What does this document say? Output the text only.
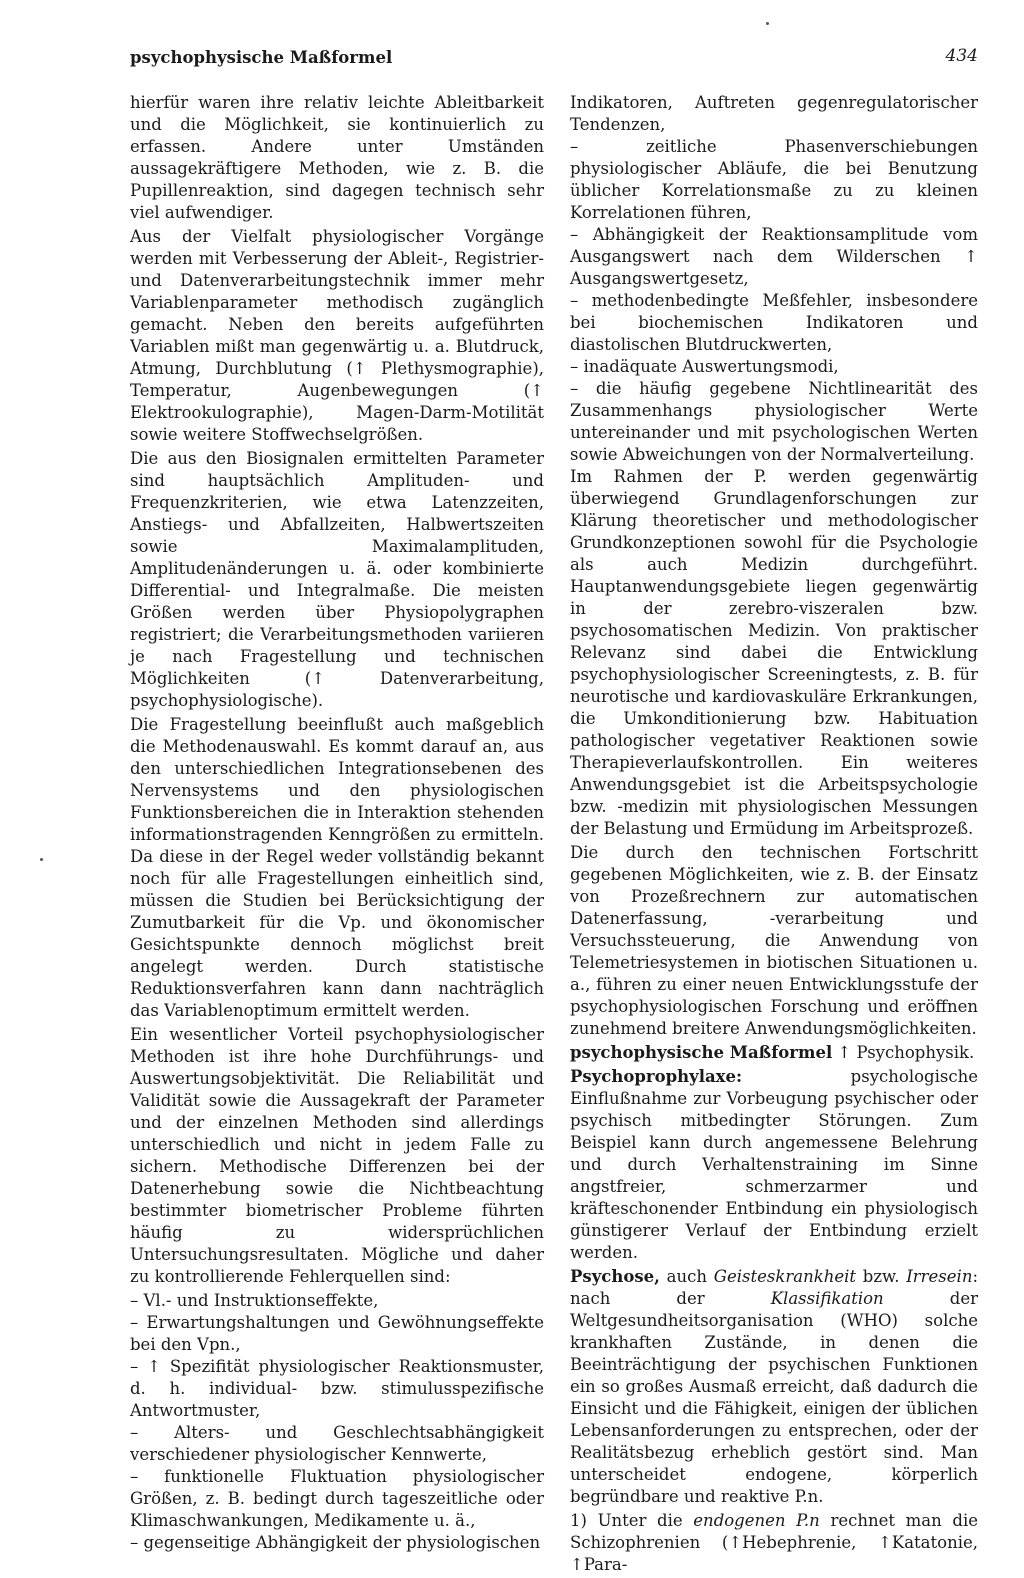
psychophysische Maßformel	434

hierfür waren ihre relativ leichte Ableitbarkeit und die Möglichkeit, sie kontinuierlich zu erfassen. Andere unter Umständen aussagekräftigere Methoden, wie z. B. die Pupillenreaktion, sind dagegen technisch sehr viel aufwendiger.

Aus der Vielfalt physiologischer Vorgänge werden mit Verbesserung der Ableit-, Registrier- und Datenverarbeitungstechnik immer mehr Variablenparameter methodisch zugänglich gemacht. Neben den bereits aufgeführten Variablen mißt man gegenwärtig u. a. Blutdruck, Atmung, Durchblutung (↑ Plethysmographie), Temperatur, Augenbewegungen (↑ Elektrookulographie), Magen-Darm-Motilität sowie weitere Stoffwechselgrößen.

Die aus den Biosignalen ermittelten Parameter sind hauptsächlich Amplituden- und Frequenzkriterien, wie etwa Latenzzeiten, Anstiegs- und Abfallzeiten, Halbwertszeiten sowie Maximalamplituden, Amplitudenänderungen u. ä. oder kombinierte Differential- und Integralmaße. Die meisten Größen werden über Physiopolygraphen registriert; die Verarbeitungsmethoden variieren je nach Fragestellung und technischen Möglichkeiten (↑ Datenverarbeitung, psychophysiologische).

Die Fragestellung beeinflußt auch maßgeblich die Methodenauswahl. Es kommt darauf an, aus den unterschiedlichen Integrationsebenen des Nervensystems und den physiologischen Funktionsbereichen die in Interaktion stehenden informationstragenden Kenngrößen zu ermitteln. Da diese in der Regel weder vollständig bekannt noch für alle Fragestellungen einheitlich sind, müssen die Studien bei Berücksichtigung der Zumutbarkeit für die Vp. und ökonomischer Gesichtspunkte dennoch möglichst breit angelegt werden. Durch statistische Reduktionsverfahren kann dann nachträglich das Variablenoptimum ermittelt werden.

Ein wesentlicher Vorteil psychophysiologischer Methoden ist ihre hohe Durchführungs- und Auswertungsobjektivität. Die Reliabilität und Validität sowie die Aussagekraft der Parameter und der einzelnen Methoden sind allerdings unterschiedlich und nicht in jedem Falle zu sichern. Methodische Differenzen bei der Datenerhebung sowie die Nichtbeachtung bestimmter biometrischer Probleme führten häufig zu widersprüchlichen Untersuchungsresultaten. Mögliche und daher zu kontrollierende Fehlerquellen sind:

– Vl.- und Instruktionseffekte,
– Erwartungshaltungen und Gewöhnungseffekte bei den Vpn.,
– ↑ Spezifität physiologischer Reaktionsmuster, d. h. individual- bzw. stimulusspezifische Antwortmuster,
– Alters- und Geschlechtsabhängigkeit verschiedener physiologischer Kennwerte,
– funktionelle Fluktuation physiologischer Größen, z. B. bedingt durch tageszeitliche oder Klimaschwankungen, Medikamente u. ä.,
– gegenseitige Abhängigkeit der physiologischen
Indikatoren, Auftreten gegenregulatorischer Tendenzen,
– zeitliche Phasenverschiebungen physiologischer Abläufe, die bei Benutzung üblicher Korrelationsmaße zu zu kleinen Korrelationen führen,
– Abhängigkeit der Reaktionsamplitude vom Ausgangswert nach dem Wilderschen ↑ Ausgangswertgesetz,
– methodenbedingte Meßfehler, insbesondere bei biochemischen Indikatoren und diastolischen Blutdruckwerten,
– inadäquate Auswertungsmodi,
– die häufig gegebene Nichtlinearität des Zusammenhangs physiologischer Werte untereinander und mit psychologischen Werten sowie Abweichungen von der Normalverteilung.

Im Rahmen der P. werden gegenwärtig überwiegend Grundlagenforschungen zur Klärung theoretischer und methodologischer Grundkonzeptionen sowohl für die Psychologie als auch Medizin durchgeführt. Hauptanwendungsgebiete liegen gegenwärtig in der zerebro-viszeralen bzw. psychosomatischen Medizin. Von praktischer Relevanz sind dabei die Entwicklung psychophysiologischer Screeningtests, z. B. für neurotische und kardiovaskuläre Erkrankungen, die Umkonditionierung bzw. Habituation pathologischer vegetativer Reaktionen sowie Therapieverlaufskontrollen. Ein weiteres Anwendungsgebiet ist die Arbeitspsychologie bzw. -medizin mit physiologischen Messungen der Belastung und Ermüdung im Arbeitsprozeß.

Die durch den technischen Fortschritt gegebenen Möglichkeiten, wie z. B. der Einsatz von Prozeßrechnern zur automatischen Datenerfassung, -verarbeitung und Versuchssteuerung, die Anwendung von Telemetriesystemen in biotischen Situationen u. a., führen zu einer neuen Entwicklungsstufe der psychophysiologischen Forschung und eröffnen zunehmend breitere Anwendungsmöglichkeiten.

psychophysische Maßformel ↑ Psychophysik.

Psychoprophylaxe: psychologische Einflußnahme zur Vorbeugung psychischer oder psychisch mitbedingter Störungen. Zum Beispiel kann durch angemessene Belehrung und durch Verhaltenstraining im Sinne angstfreier, schmerzarmer und kräfteschonender Entbindung ein physiologisch günstigerer Verlauf der Entbindung erzielt werden.

Psychose, auch Geisteskrankheit bzw. Irresein: nach der Klassifikation der Weltgesundheitsorganisation (WHO) solche krankhaften Zustände, in denen die Beeinträchtigung der psychischen Funktionen ein so großes Ausmaß erreicht, daß dadurch die Einsicht und die Fähigkeit, einigen der üblichen Lebensanforderungen zu entsprechen, oder der Realitätsbezug erheblich gestört sind. Man unterscheidet endogene, körperlich begründbare und reaktive P.n.

1) Unter die endogenen P.n rechnet man die Schizophrenien (↑Hebephrenie, ↑Katatonie, ↑Para-
